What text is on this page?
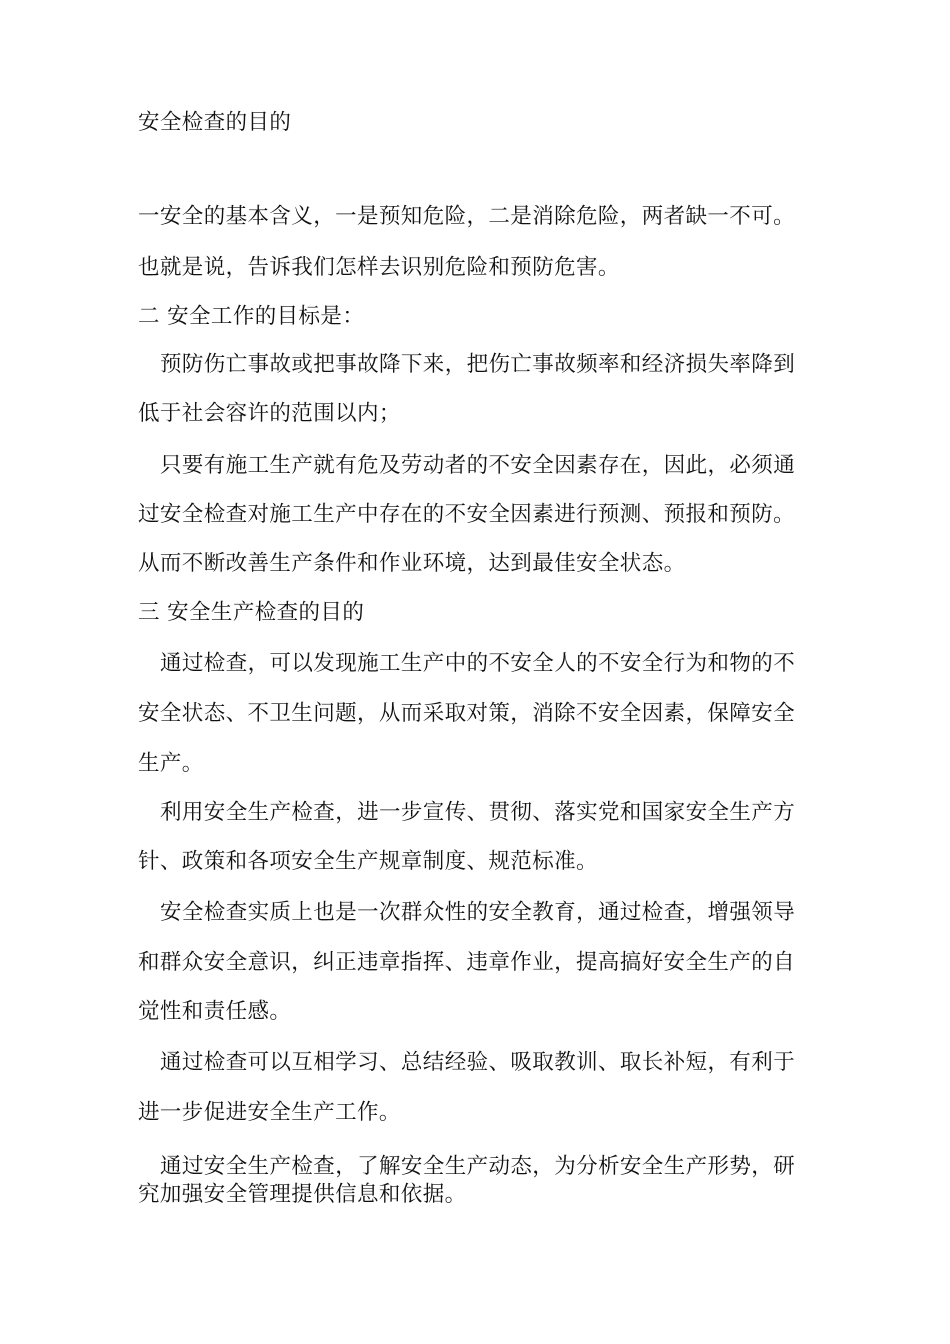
安全检查的目的
一安全的基本含义，一是预知危险，二是消除危险，两者缺一不可。
也就是说，告诉我们怎样去识别危险和预防危害。
二 安全工作的目标是：
预防伤亡事故或把事故降下来，把伤亡事故频率和经济损失率降到
低于社会容许的范围以内；
只要有施工生产就有危及劳动者的不安全因素存在，因此，必须通
过安全检查对施工生产中存在的不安全因素进行预测、预报和预防。
从而不断改善生产条件和作业环境，达到最佳安全状态。
三 安全生产检查的目的
通过检查，可以发现施工生产中的不安全人的不安全行为和物的不
安全状态、不卫生问题，从而采取对策，消除不安全因素，保障安全
生产。
利用安全生产检查，进一步宣传、贯彻、落实党和国家安全生产方
针、政策和各项安全生产规章制度、规范标准。
安全检查实质上也是一次群众性的安全教育，通过检查，增强领导
和群众安全意识，纠正违章指挥、违章作业，提高搞好安全生产的自
觉性和责任感。
通过检查可以互相学习、总结经验、吸取教训、取长补短，有利于
进一步促进安全生产工作。
通过安全生产检查，了解安全生产动态，为分析安全生产形势，研
究加强安全管理提供信息和依据。
